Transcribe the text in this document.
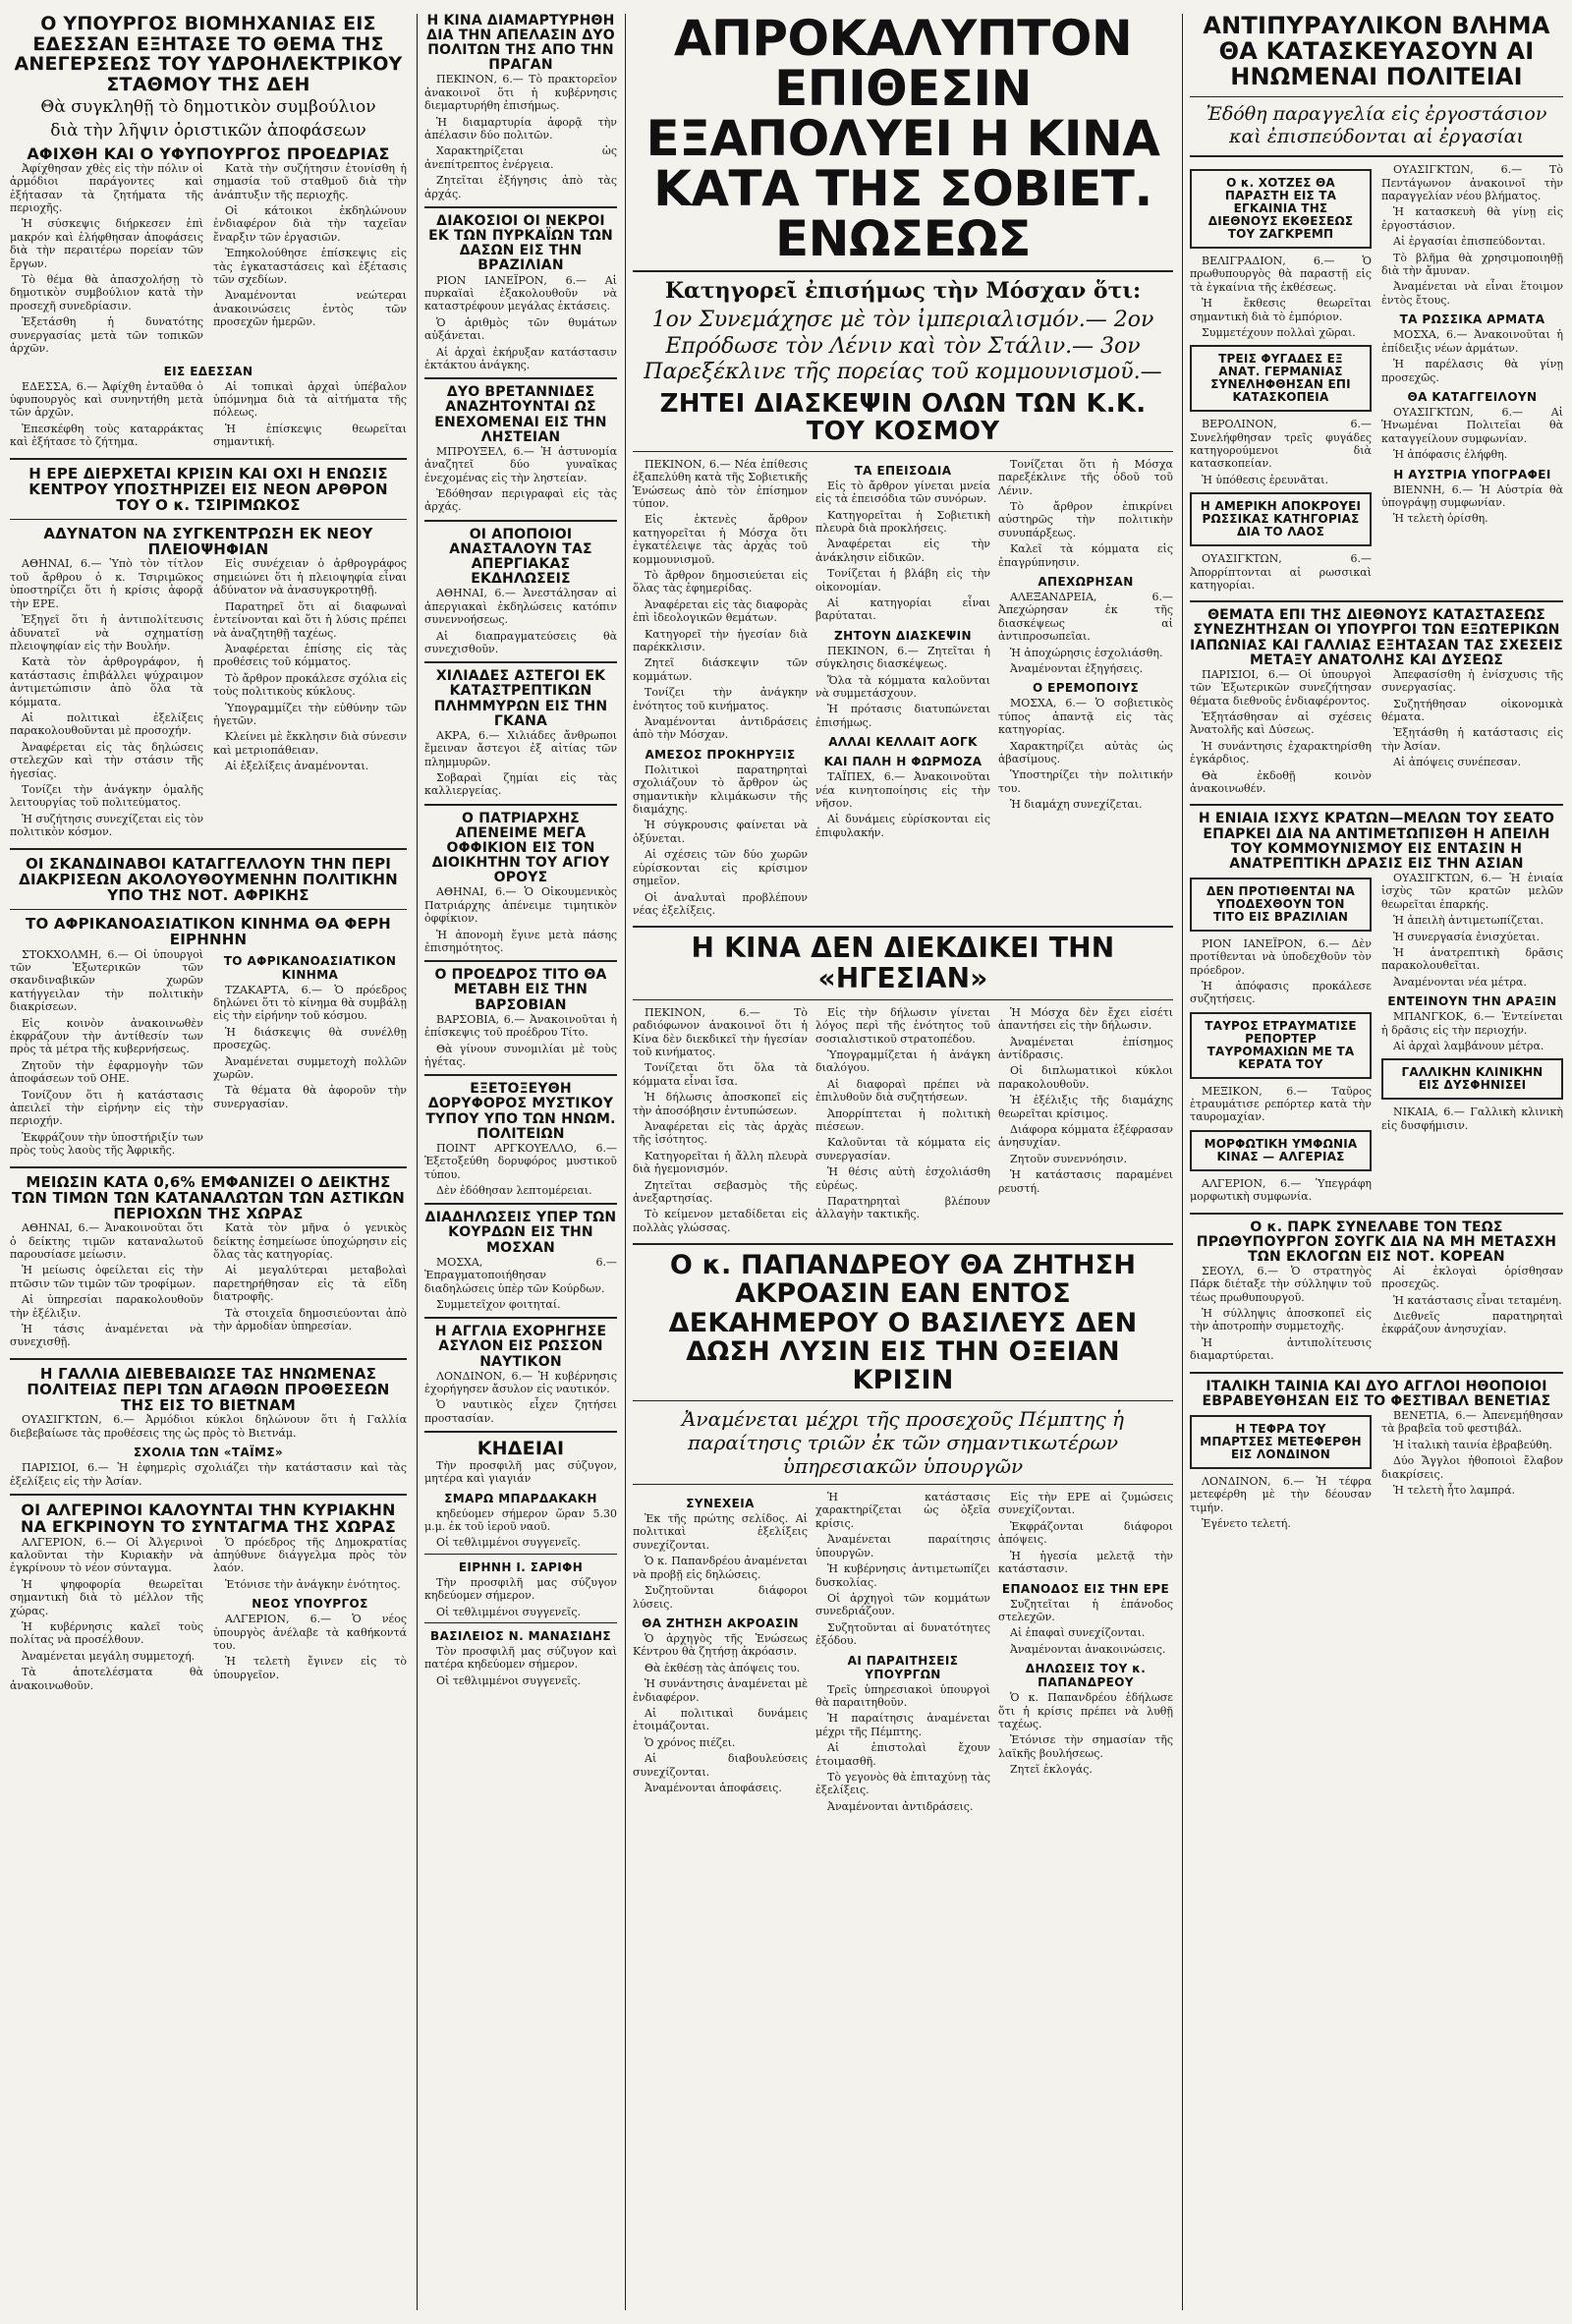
Ο ΥΠΟΥΡΓΟΣ ΒΙΟΜΗΧΑΝΙΑΣ ΕΙΣ ΕΔΕΣΣΑΝ ΕΞΗΤΑΣΕ ΤΟ ΘΕΜΑ ΤΗΣ ΑΝΕΓΕΡΣΕΩΣ ΤΟΥ ΥΔΡΟΗΛΕΚΤΡΙΚΟΥ ΣΤΑΘΜΟΥ ΤΗΣ ΔΕΗ
Θὰ συγκληθῇ τὸ δημοτικὸν συμβούλιον
διὰ τὴν λῆψιν ὁριστικῶν ἀποφάσεων
ΑΦΙΧΘΗ ΚΑΙ Ο ΥΦΥΠΟΥΡΓΟΣ ΠΡΟΕΔΡΙΑΣ

Ἀφίχθησαν χθὲς εἰς τὴν πόλιν οἱ ἁρμόδιοι παράγοντες καὶ ἐξήτασαν τὰ ζητήματα τῆς περιοχῆς.

Ἡ σύσκεψις διήρκεσεν ἐπὶ μακρόν καὶ ἐλήφθησαν ἀποφάσεις διὰ τὴν περαιτέρω πορείαν τῶν ἔργων.

Τὸ θέμα θὰ ἀπασχολήσῃ τὸ δημοτικὸν συμβούλιον κατὰ τὴν προσεχῆ συνεδρίασιν.

Ἐξετάσθη ἡ δυνατότης συνεργασίας μετὰ τῶν τοπικῶν ἀρχῶν.

Κατὰ τὴν συζήτησιν ἐτονίσθη ἡ σημασία τοῦ σταθμοῦ διὰ τὴν ἀνάπτυξιν τῆς περιοχῆς.

Οἱ κάτοικοι ἐκδηλώνουν ἐνδιαφέρον διὰ τὴν ταχεῖαν ἔναρξιν τῶν ἐργασιῶν.

Ἐπηκολούθησε ἐπίσκεψις εἰς τὰς ἐγκαταστάσεις καὶ ἐξέτασις τῶν σχεδίων.

Ἀναμένονται νεώτεραι ἀνακοινώσεις ἐντὸς τῶν προσεχῶν ἡμερῶν.

ΕΙΣ ΕΔΕΣΣΑΝ

ΕΔΕΣΣΑ, 6.— Ἀφίχθη ἐνταῦθα ὁ ὑφυπουργὸς καὶ συνηντήθη μετὰ τῶν ἀρχῶν.

Ἐπεσκέφθη τοὺς καταρράκτας καὶ ἐξήτασε τὸ ζήτημα.

Αἱ τοπικαὶ ἀρχαὶ ὑπέβαλον ὑπόμνημα διὰ τὰ αἰτήματα τῆς πόλεως.

Ἡ ἐπίσκεψις θεωρεῖται σημαντική.

Η ΕΡΕ ΔΙΕΡΧΕΤΑΙ ΚΡΙΣΙΝ ΚΑΙ ΟΧΙ Η ΕΝΩΣΙΣ ΚΕΝΤΡΟΥ ΥΠΟΣΤΗΡΙΖΕΙ ΕΙΣ ΝΕΟΝ ΑΡΘΡΟΝ ΤΟΥ Ο κ. ΤΣΙΡΙΜΩΚΟΣ
ΑΔΥΝΑΤΟΝ ΝΑ ΣΥΓΚΕΝΤΡΩΣΗ ΕΚ ΝΕΟΥ ΠΛΕΙΟΨΗΦΙΑΝ

ΑΘΗΝΑΙ, 6.— Ὑπὸ τὸν τίτλον τοῦ ἄρθρου ὁ κ. Τσιριμῶκος ὑποστηρίζει ὅτι ἡ κρίσις ἀφορᾷ τὴν ΕΡΕ.

Ἐξηγεῖ ὅτι ἡ ἀντιπολίτευσις ἀδυνατεῖ νὰ σχηματίσῃ πλειοψηφίαν εἰς τὴν Βουλήν.

Κατὰ τὸν ἀρθρογράφον, ἡ κατάστασις ἐπιβάλλει ψύχραιμον ἀντιμετώπισιν ἀπὸ ὅλα τὰ κόμματα.

Αἱ πολιτικαὶ ἐξελίξεις παρακολουθοῦνται μὲ προσοχήν.

Ἀναφέρεται εἰς τὰς δηλώσεις στελεχῶν καὶ τὴν στάσιν τῆς ἡγεσίας.

Τονίζει τὴν ἀνάγκην ὁμαλῆς λειτουργίας τοῦ πολιτεύματος.

Ἡ συζήτησις συνεχίζεται εἰς τὸν πολιτικὸν κόσμον.

Εἰς συνέχειαν ὁ ἀρθρογράφος σημειώνει ὅτι ἡ πλειοψηφία εἶναι ἀδύνατον νὰ ἀνασυγκροτηθῇ.

Παρατηρεῖ ὅτι αἱ διαφωναὶ ἐντείνονται καὶ ὅτι ἡ λύσις πρέπει νὰ ἀναζητηθῇ ταχέως.

Ἀναφέρεται ἐπίσης εἰς τὰς προθέσεις τοῦ κόμματος.

Τὸ ἄρθρον προκάλεσε σχόλια εἰς τοὺς πολιτικοὺς κύκλους.

Ὑπογραμμίζει τὴν εὐθύνην τῶν ἡγετῶν.

Κλείνει μὲ ἔκκλησιν διὰ σύνεσιν καὶ μετριοπάθειαν.

Αἱ ἐξελίξεις ἀναμένονται.

ΟΙ ΣΚΑΝΔΙΝΑΒΟΙ ΚΑΤΑΓΓΕΛΛΟΥΝ ΤΗΝ ΠΕΡΙ ΔΙΑΚΡΙΣΕΩΝ ΑΚΟΛΟΥΘΟΥΜΕΝΗΝ ΠΟΛΙΤΙΚΗΝ ΥΠΟ ΤΗΣ ΝΟΤ. ΑΦΡΙΚΗΣ
ΤΟ ΑΦΡΙΚΑΝΟΑΣΙΑΤΙΚΟΝ ΚΙΝΗΜΑ ΘΑ ΦΕΡΗ ΕΙΡΗΝΗΝ

ΣΤΟΚΧΟΛΜΗ, 6.— Οἱ ὑπουργοὶ τῶν Ἐξωτερικῶν τῶν σκανδιναβικῶν χωρῶν κατήγγειλαν τὴν πολιτικὴν διακρίσεων.

Εἰς κοινὸν ἀνακοινωθὲν ἐκφράζουν τὴν ἀντίθεσίν των πρὸς τὰ μέτρα τῆς κυβερνήσεως.

Ζητοῦν τὴν ἐφαρμογὴν τῶν ἀποφάσεων τοῦ ΟΗΕ.

Τονίζουν ὅτι ἡ κατάστασις ἀπειλεῖ τὴν εἰρήνην εἰς τὴν περιοχήν.

Ἐκφράζουν τὴν ὑποστήριξίν των πρὸς τοὺς λαοὺς τῆς Ἀφρικῆς.

ΤΟ ΑΦΡΙΚΑΝΟΑΣΙΑΤΙΚΟΝ ΚΙΝΗΜΑ

ΤΖΑΚΑΡΤΑ, 6.— Ὁ πρόεδρος δηλώνει ὅτι τὸ κίνημα θὰ συμβάλῃ εἰς τὴν εἰρήνην τοῦ κόσμου.

Ἡ διάσκεψις θὰ συνέλθῃ προσεχῶς.

Ἀναμένεται συμμετοχὴ πολλῶν χωρῶν.

Τὰ θέματα θὰ ἀφοροῦν τὴν συνεργασίαν.

ΜΕΙΩΣΙΝ ΚΑΤΑ 0,6% ΕΜΦΑΝΙΖΕΙ Ο ΔΕΙΚΤΗΣ ΤΩΝ ΤΙΜΩΝ ΤΩΝ ΚΑΤΑΝΑΛΩΤΩΝ ΤΩΝ ΑΣΤΙΚΩΝ ΠΕΡΙΟΧΩΝ ΤΗΣ ΧΩΡΑΣ

ΑΘΗΝΑΙ, 6.— Ἀνακοινοῦται ὅτι ὁ δείκτης τιμῶν καταναλωτοῦ παρουσίασε μείωσιν.

Ἡ μείωσις ὀφείλεται εἰς τὴν πτῶσιν τῶν τιμῶν τῶν τροφίμων.

Αἱ ὑπηρεσίαι παρακολουθοῦν τὴν ἐξέλιξιν.

Ἡ τάσις ἀναμένεται νὰ συνεχισθῇ.

Κατὰ τὸν μῆνα ὁ γενικὸς δείκτης ἐσημείωσε ὑποχώρησιν εἰς ὅλας τὰς κατηγορίας.

Αἱ μεγαλύτεραι μεταβολαὶ παρετηρήθησαν εἰς τὰ εἴδη διατροφῆς.

Τὰ στοιχεῖα δημοσιεύονται ἀπὸ τὴν ἁρμοδίαν ὑπηρεσίαν.

Η ΓΑΛΛΙΑ ΔΙΕΒΕΒΑΙΩΣΕ ΤΑΣ ΗΝΩΜΕΝΑΣ ΠΟΛΙΤΕΙΑΣ ΠΕΡΙ ΤΩΝ ΑΓΑΘΩΝ ΠΡΟΘΕΣΕΩΝ ΤΗΣ ΕΙΣ ΤΟ ΒΙΕΤΝΑΜ

ΟΥΑΣΙΓΚΤΩΝ, 6.— Ἀρμόδιοι κύκλοι δηλώνουν ὅτι ἡ Γαλλία διεβεβαίωσε τὰς προθέσεις της ὡς πρὸς τὸ Βιετνάμ.

ΣΧΟΛΙΑ ΤΩΝ «ΤΑΪΜΣ»

ΠΑΡΙΣΙΟΙ, 6.— Ἡ ἐφημερὶς σχολιάζει τὴν κατάστασιν καὶ τὰς ἐξελίξεις εἰς τὴν Ἀσίαν.

ΟΙ ΑΛΓΕΡΙΝΟΙ ΚΑΛΟΥΝΤΑΙ ΤΗΝ ΚΥΡΙΑΚΗΝ ΝΑ ΕΓΚΡΙΝΟΥΝ ΤΟ ΣΥΝΤΑΓΜΑ ΤΗΣ ΧΩΡΑΣ

ΑΛΓΕΡΙΟΝ, 6.— Οἱ Ἀλγερινοὶ καλοῦνται τὴν Κυριακὴν νὰ ἐγκρίνουν τὸ νέον σύνταγμα.

Ἡ ψηφοφορία θεωρεῖται σημαντικὴ διὰ τὸ μέλλον τῆς χώρας.

Ἡ κυβέρνησις καλεῖ τοὺς πολίτας νὰ προσέλθουν.

Ἀναμένεται μεγάλη συμμετοχή.

Τὰ ἀποτελέσματα θὰ ἀνακοινωθοῦν.

Ὁ πρόεδρος τῆς Δημοκρατίας ἀπηύθυνε διάγγελμα πρὸς τὸν λαόν.

Ἐτόνισε τὴν ἀνάγκην ἑνότητος.

ΝΕΟΣ ΥΠΟΥΡΓΟΣ

ΑΛΓΕΡΙΟΝ, 6.— Ὁ νέος ὑπουργὸς ἀνέλαβε τὰ καθήκοντά του.

Ἡ τελετὴ ἔγινεν εἰς τὸ ὑπουργεῖον.

Η ΚΙΝΑ ΔΙΑΜΑΡΤΥΡΗΘΗ ΔΙΑ ΤΗΝ ΑΠΕΛΑΣΙΝ ΔΥΟ ΠΟΛΙΤΩΝ ΤΗΣ ΑΠΟ ΤΗΝ ΠΡΑΓΑΝ

ΠΕΚΙΝΟΝ, 6.— Τὸ πρακτορεῖον ἀνακοινοῖ ὅτι ἡ κυβέρνησις διεμαρτυρήθη ἐπισήμως.

Ἡ διαμαρτυρία ἀφορᾷ τὴν ἀπέλασιν δύο πολιτῶν.

Χαρακτηρίζεται ὡς ἀνεπίτρεπτος ἐνέργεια.

Ζητεῖται ἐξήγησις ἀπὸ τὰς ἀρχάς.

ΔΙΑΚΟΣΙΟΙ ΟΙ ΝΕΚΡΟΙ ΕΚ ΤΩΝ ΠΥΡΚΑΪΩΝ ΤΩΝ ΔΑΣΩΝ ΕΙΣ ΤΗΝ ΒΡΑΖΙΛΙΑΝ

ΡΙΟΝ ΙΑΝΕΪΡΟΝ, 6.— Αἱ πυρκαϊαὶ ἐξακολουθοῦν νὰ καταστρέφουν μεγάλας ἐκτάσεις.

Ὁ ἀριθμὸς τῶν θυμάτων αὐξάνεται.

Αἱ ἀρχαὶ ἐκήρυξαν κατάστασιν ἐκτάκτου ἀνάγκης.

ΔΥΟ ΒΡΕΤΑΝΝΙΔΕΣ ΑΝΑΖΗΤΟΥΝΤΑΙ ΩΣ ΕΝΕΧΟΜΕΝΑΙ ΕΙΣ ΤΗΝ ΛΗΣΤΕΙΑΝ

ΜΠΡΟΥΞΕΛ, 6.— Ἡ ἀστυνομία ἀναζητεῖ δύο γυναῖκας ἐνεχομένας εἰς τὴν ληστείαν.

Ἐδόθησαν περιγραφαὶ εἰς τὰς ἀρχάς.

ΟΙ ΑΠΟΠΟΙΟΙ ΑΝΑΣΤΑΛΟΥΝ ΤΑΣ ΑΠΕΡΓΙΑΚΑΣ ΕΚΔΗΛΩΣΕΙΣ

ΑΘΗΝΑΙ, 6.— Ἀνεστάλησαν αἱ ἀπεργιακαὶ ἐκδηλώσεις κατόπιν συνεννοήσεως.

Αἱ διαπραγματεύσεις θὰ συνεχισθοῦν.

ΧΙΛΙΑΔΕΣ ΑΣΤΕΓΟΙ ΕΚ ΚΑΤΑΣΤΡΕΠΤΙΚΩΝ ΠΛΗΜΜΥΡΩΝ ΕΙΣ ΤΗΝ ΓΚΑΝΑ

ΑΚΡΑ, 6.— Χιλιάδες ἄνθρωποι ἔμειναν ἄστεγοι ἐξ αἰτίας τῶν πλημμυρῶν.

Σοβαραὶ ζημίαι εἰς τὰς καλλιεργείας.

Ο ΠΑΤΡΙΑΡΧΗΣ ΑΠΕΝΕΙΜΕ ΜΕΓΑ ΟΦΦΙΚΙΟΝ ΕΙΣ ΤΟΝ ΔΙΟΙΚΗΤΗΝ ΤΟΥ ΑΓΙΟΥ ΟΡΟΥΣ

ΑΘΗΝΑΙ, 6.— Ὁ Οἰκουμενικὸς Πατριάρχης ἀπένειμε τιμητικὸν ὀφφίκιον.

Ἡ ἀπονομὴ ἔγινε μετὰ πάσης ἐπισημότητος.

Ο ΠΡΟΕΔΡΟΣ ΤΙΤΟ ΘΑ ΜΕΤΑΒΗ ΕΙΣ ΤΗΝ ΒΑΡΣΟΒΙΑΝ

ΒΑΡΣΟΒΙΑ, 6.— Ἀνακοινοῦται ἡ ἐπίσκεψις τοῦ προέδρου Τίτο.

Θὰ γίνουν συνομιλίαι μὲ τοὺς ἡγέτας.

ΕΞΕΤΟΞΕΥΘΗ ΔΟΡΥΦΟΡΟΣ ΜΥΣΤΙΚΟΥ ΤΥΠΟΥ ΥΠΟ ΤΩΝ ΗΝΩΜ. ΠΟΛΙΤΕΙΩΝ

ΠΟΙΝΤ ΑΡΓΚΟΥΕΛΛΟ, 6.— Ἐξετοξεύθη δορυφόρος μυστικοῦ τύπου.

Δὲν ἐδόθησαν λεπτομέρειαι.

ΔΙΑΔΗΛΩΣΕΙΣ ΥΠΕΡ ΤΩΝ ΚΟΥΡΔΩΝ ΕΙΣ ΤΗΝ ΜΟΣΧΑΝ

ΜΟΣΧΑ, 6.— Ἐπραγματοποιήθησαν διαδηλώσεις ὑπὲρ τῶν Κούρδων.

Συμμετεῖχον φοιτηταί.

Η ΑΓΓΛΙΑ ΕΧΟΡΗΓΗΣΕ ΑΣΥΛΟΝ ΕΙΣ ΡΩΣΣΟΝ ΝΑΥΤΙΚΟΝ

ΛΟΝΔΙΝΟΝ, 6.— Ἡ κυβέρνησις ἐχορήγησεν ἄσυλον εἰς ναυτικόν.

Ὁ ναυτικὸς εἶχεν ζητήσει προστασίαν.

ΚΗΔΕΙΑΙ

Τὴν προσφιλῆ μας σύζυγον, μητέρα καὶ γιαγιάν

ΣΜΑΡΩ ΜΠΑΡΔΑΚΑΚΗ

κηδεύομεν σήμερον ὥραν 5.30 μ.μ. ἐκ τοῦ ἱεροῦ ναοῦ.

Οἱ τεθλιμμένοι συγγενεῖς.

ΕΙΡΗΝΗ Ι. ΣΑΡΙΦΗ

Τὴν προσφιλῆ μας σύζυγον κηδεύομεν σήμερον.

Οἱ τεθλιμμένοι συγγενεῖς.

ΒΑΣΙΛΕΙΟΣ Ν. ΜΑΝΑΣΙΔΗΣ

Τὸν προσφιλῆ μας σύζυγον καὶ πατέρα κηδεύομεν σήμερον.

Οἱ τεθλιμμένοι συγγενεῖς.

ΑΠΡΟΚΑΛΥΠΤΟΝ ΕΠΙΘΕΣΙΝ ΕΞΑΠΟΛΥΕΙ Η ΚΙΝΑ ΚΑΤΑ ΤΗΣ ΣΟΒΙΕΤ. ΕΝΩΣΕΩΣ
Κατηγορεῖ ἐπισήμως τὴν Μόσχαν ὅτι:
1ον Συνεμάχησε μὲ τὸν ἰμπεριαλισμόν.— 2ον Επρόδωσε τὸν Λένιν καὶ τὸν Στάλιν.— 3ον Παρεξέκλινε τῆς πορείας τοῦ κομμουνισμοῦ.—
ΖΗΤΕΙ ΔΙΑΣΚΕΨΙΝ ΟΛΩΝ ΤΩΝ Κ.Κ. ΤΟΥ ΚΟΣΜΟΥ

ΠΕΚΙΝΟΝ, 6.— Νέα ἐπίθεσις ἐξαπελύθη κατὰ τῆς Σοβιετικῆς Ἑνώσεως ἀπὸ τὸν ἐπίσημον τύπον.

Εἰς ἐκτενὲς ἄρθρον κατηγορεῖται ἡ Μόσχα ὅτι ἐγκατέλειψε τὰς ἀρχὰς τοῦ κομμουνισμοῦ.

Τὸ ἄρθρον δημοσιεύεται εἰς ὅλας τὰς ἐφημερίδας.

Ἀναφέρεται εἰς τὰς διαφορὰς ἐπὶ ἰδεολογικῶν θεμάτων.

Κατηγορεῖ τὴν ἡγεσίαν διὰ παρέκκλισιν.

Ζητεῖ διάσκεψιν τῶν κομμάτων.

Τονίζει τὴν ἀνάγκην ἑνότητος τοῦ κινήματος.

Ἀναμένονται ἀντιδράσεις ἀπὸ τὴν Μόσχαν.

ΑΜΕΣΟΣ ΠΡΟΚΗΡΥΞΙΣ

Πολιτικοὶ παρατηρηταὶ σχολιάζουν τὸ ἄρθρον ὡς σημαντικὴν κλιμάκωσιν τῆς διαμάχης.

Ἡ σύγκρουσις φαίνεται νὰ ὀξύνεται.

Αἱ σχέσεις τῶν δύο χωρῶν εὑρίσκονται εἰς κρίσιμον σημεῖον.

Οἱ ἀναλυταὶ προβλέπουν νέας ἐξελίξεις.

ΤΑ ΕΠΕΙΣΟΔΙΑ

Εἰς τὸ ἄρθρον γίνεται μνεία εἰς τὰ ἐπεισόδια τῶν συνόρων.

Κατηγορεῖται ἡ Σοβιετικὴ πλευρὰ διὰ προκλήσεις.

Ἀναφέρεται εἰς τὴν ἀνάκλησιν εἰδικῶν.

Τονίζεται ἡ βλάβη εἰς τὴν οἰκονομίαν.

Αἱ κατηγορίαι εἶναι βαρύταται.

ΖΗΤΟΥΝ ΔΙΑΣΚΕΨΙΝ

ΠΕΚΙΝΟΝ, 6.— Ζητεῖται ἡ σύγκλησις διασκέψεως.

Ὅλα τὰ κόμματα καλοῦνται νὰ συμμετάσχουν.

Ἡ πρότασις διατυπώνεται ἐπισήμως.

ΑΛΛΑΙ ΚΕΛΛΑΙΤ ΑΟΓΚ
ΚΑΙ ΠΑΛΗ Η ΦΩΡΜΟΖΑ

ΤΑΪΠΕΧ, 6.— Ἀνακοινοῦται νέα κινητοποίησις εἰς τὴν νῆσον.

Αἱ δυνάμεις εὑρίσκονται εἰς ἐπιφυλακήν.

Τονίζεται ὅτι ἡ Μόσχα παρεξέκλινε τῆς ὁδοῦ τοῦ Λένιν.

Τὸ ἄρθρον ἐπικρίνει αὐστηρῶς τὴν πολιτικὴν συνυπάρξεως.

Καλεῖ τὰ κόμματα εἰς ἐπαγρύπνησιν.

ΑΠΕΧΩΡΗΣΑΝ

ΑΛΕΞΑΝΔΡΕΙΑ, 6.— Ἀπεχώρησαν ἐκ τῆς διασκέψεως αἱ ἀντιπροσωπεῖαι.

Ἡ ἀποχώρησις ἐσχολιάσθη.

Ἀναμένονται ἐξηγήσεις.

Ο ΕΡΕΜΟΠΟΙΥΣ

ΜΟΣΧΑ, 6.— Ὁ σοβιετικὸς τύπος ἀπαντᾷ εἰς τὰς κατηγορίας.

Χαρακτηρίζει αὐτὰς ὡς ἀβασίμους.

Ὑποστηρίζει τὴν πολιτικήν του.

Ἡ διαμάχη συνεχίζεται.

Η ΚΙΝΑ ΔΕΝ ΔΙΕΚΔΙΚΕΙ ΤΗΝ «ΗΓΕΣΙΑΝ»

ΠΕΚΙΝΟΝ, 6.— Τὸ ραδιόφωνον ἀνακοινοῖ ὅτι ἡ Κίνα δὲν διεκδικεῖ τὴν ἡγεσίαν τοῦ κινήματος.

Τονίζεται ὅτι ὅλα τὰ κόμματα εἶναι ἴσα.

Ἡ δήλωσις ἀποσκοπεῖ εἰς τὴν ἀποσόβησιν ἐντυπώσεων.

Ἀναφέρεται εἰς τὰς ἀρχὰς τῆς ἰσότητος.

Κατηγορεῖται ἡ ἄλλη πλευρὰ διὰ ἡγεμονισμόν.

Ζητεῖται σεβασμὸς τῆς ἀνεξαρτησίας.

Τὸ κείμενον μεταδίδεται εἰς πολλὰς γλώσσας.

Εἰς τὴν δήλωσιν γίνεται λόγος περὶ τῆς ἑνότητος τοῦ σοσιαλιστικοῦ στρατοπέδου.

Ὑπογραμμίζεται ἡ ἀνάγκη διαλόγου.

Αἱ διαφοραὶ πρέπει νὰ ἐπιλυθοῦν διὰ συζητήσεων.

Ἀπορρίπτεται ἡ πολιτικὴ πιέσεων.

Καλοῦνται τὰ κόμματα εἰς συνεργασίαν.

Ἡ θέσις αὐτὴ ἐσχολιάσθη εὐρέως.

Παρατηρηταὶ βλέπουν ἀλλαγὴν τακτικῆς.

Ἡ Μόσχα δὲν ἔχει εἰσέτι ἀπαντήσει εἰς τὴν δήλωσιν.

Ἀναμένεται ἐπίσημος ἀντίδρασις.

Οἱ διπλωματικοὶ κύκλοι παρακολουθοῦν.

Ἡ ἐξέλιξις τῆς διαμάχης θεωρεῖται κρίσιμος.

Διάφορα κόμματα ἐξέφρασαν ἀνησυχίαν.

Ζητοῦν συνεννόησιν.

Ἡ κατάστασις παραμένει ρευστή.

Ο κ. ΠΑΠΑΝΔΡΕΟΥ ΘΑ ΖΗΤΗΣΗ ΑΚΡΟΑΣΙΝ ΕΑΝ ΕΝΤΟΣ ΔΕΚΑΗΜΕΡΟΥ Ο ΒΑΣΙΛΕΥΣ ΔΕΝ ΔΩΣΗ ΛΥΣΙΝ ΕΙΣ ΤΗΝ ΟΞΕΙΑΝ ΚΡΙΣΙΝ
Ἀναμένεται μέχρι τῆς προσεχοῦς Πέμπτης ἡ παραίτησις τριῶν ἐκ τῶν σημαντικωτέρων ὑπηρεσιακῶν ὑπουργῶν
ΣΥΝΕΧΕΙΑ

Ἐκ τῆς πρώτης σελίδος. Αἱ πολιτικαὶ ἐξελίξεις συνεχίζονται.

Ὁ κ. Παπανδρέου ἀναμένεται νὰ προβῇ εἰς δηλώσεις.

Συζητοῦνται διάφοροι λύσεις.

ΘΑ ΖΗΤΗΣΗ ΑΚΡΟΑΣΙΝ

Ὁ ἀρχηγὸς τῆς Ἑνώσεως Κέντρου θὰ ζητήσῃ ἀκρόασιν.

Θὰ ἐκθέσῃ τὰς ἀπόψεις του.

Ἡ συνάντησις ἀναμένεται μὲ ἐνδιαφέρον.

Αἱ πολιτικαὶ δυνάμεις ἑτοιμάζονται.

Ὁ χρόνος πιέζει.

Αἱ διαβουλεύσεις συνεχίζονται.

Ἀναμένονται ἀποφάσεις.

Ἡ κατάστασις χαρακτηρίζεται ὡς ὀξεῖα κρίσις.

Ἀναμένεται παραίτησις ὑπουργῶν.

Ἡ κυβέρνησις ἀντιμετωπίζει δυσκολίας.

Οἱ ἀρχηγοὶ τῶν κομμάτων συνεδριάζουν.

Συζητοῦνται αἱ δυνατότητες ἐξόδου.

ΑΙ ΠΑΡΑΙΤΗΣΕΙΣ ΥΠΟΥΡΓΩΝ

Τρεῖς ὑπηρεσιακοὶ ὑπουργοὶ θὰ παραιτηθοῦν.

Ἡ παραίτησις ἀναμένεται μέχρι τῆς Πέμπτης.

Αἱ ἐπιστολαὶ ἔχουν ἑτοιμασθῆ.

Τὸ γεγονὸς θὰ ἐπιταχύνῃ τὰς ἐξελίξεις.

Ἀναμένονται ἀντιδράσεις.

Εἰς τὴν ΕΡΕ αἱ ζυμώσεις συνεχίζονται.

Ἐκφράζονται διάφοροι ἀπόψεις.

Ἡ ἡγεσία μελετᾷ τὴν κατάστασιν.

ΕΠΑΝΟΔΟΣ ΕΙΣ ΤΗΝ ΕΡΕ

Συζητεῖται ἡ ἐπάνοδος στελεχῶν.

Αἱ ἐπαφαὶ συνεχίζονται.

Ἀναμένονται ἀνακοινώσεις.

ΔΗΛΩΣΕΙΣ ΤΟΥ κ. ΠΑΠΑΝΔΡΕΟΥ

Ὁ κ. Παπανδρέου ἐδήλωσε ὅτι ἡ κρίσις πρέπει νὰ λυθῇ ταχέως.

Ἐτόνισε τὴν σημασίαν τῆς λαϊκῆς βουλήσεως.

Ζητεῖ ἐκλογάς.

ΑΝΤΙΠΥΡΑΥΛΙΚΟΝ ΒΛΗΜΑ ΘΑ ΚΑΤΑΣΚΕΥΑΣΟΥΝ ΑΙ ΗΝΩΜΕΝΑΙ ΠΟΛΙΤΕΙΑΙ
Ἐδόθη παραγγελία εἰς ἐργοστάσιον καὶ ἐπισπεύδονται αἱ ἐργασίαι
Ο κ. ΧΟΤΖΕΣ ΘΑ ΠΑΡΑΣΤΗ ΕΙΣ ΤΑ ΕΓΚΑΙΝΙΑ ΤΗΣ ΔΙΕΘΝΟΥΣ ΕΚΘΕΣΕΩΣ ΤΟΥ ΖΑΓΚΡΕΜΠ

ΒΕΛΙΓΡΑΔΙΟΝ, 6.— Ὁ πρωθυπουργὸς θὰ παραστῇ εἰς τὰ ἐγκαίνια τῆς ἐκθέσεως.

Ἡ ἔκθεσις θεωρεῖται σημαντικὴ διὰ τὸ ἐμπόριον.

Συμμετέχουν πολλαὶ χῶραι.

ΤΡΕΙΣ ΦΥΓΑΔΕΣ ΕΞ ΑΝΑΤ. ΓΕΡΜΑΝΙΑΣ ΣΥΝΕΛΗΦΘΗΣΑΝ ΕΠΙ ΚΑΤΑΣΚΟΠΕΙΑ

ΒΕΡΟΛΙΝΟΝ, 6.— Συνελήφθησαν τρεῖς φυγάδες κατηγορούμενοι διὰ κατασκοπείαν.

Ἡ ὑπόθεσις ἐρευνᾶται.

Η ΑΜΕΡΙΚΗ ΑΠΟΚΡΟΥΕΙ ΡΩΣΣΙΚΑΣ ΚΑΤΗΓΟΡΙΑΣ ΔΙΑ ΤΟ ΛΑΟΣ

ΟΥΑΣΙΓΚΤΩΝ, 6.— Ἀπορρίπτονται αἱ ρωσσικαὶ κατηγορίαι.

ΟΥΑΣΙΓΚΤΩΝ, 6.— Τὸ Πεντάγωνον ἀνακοινοῖ τὴν παραγγελίαν νέου βλήματος.

Ἡ κατασκευὴ θὰ γίνῃ εἰς ἐργοστάσιον.

Αἱ ἐργασίαι ἐπισπεύδονται.

Τὸ βλῆμα θὰ χρησιμοποιηθῇ διὰ τὴν ἄμυναν.

Ἀναμένεται νὰ εἶναι ἕτοιμον ἐντὸς ἔτους.

ΤΑ ΡΩΣΣΙΚΑ ΑΡΜΑΤΑ

ΜΟΣΧΑ, 6.— Ἀνακοινοῦται ἡ ἐπίδειξις νέων ἁρμάτων.

Ἡ παρέλασις θὰ γίνῃ προσεχῶς.

ΘΑ ΚΑΤΑΓΓΕΙΛΟΥΝ

ΟΥΑΣΙΓΚΤΩΝ, 6.— Αἱ Ἡνωμέναι Πολιτεῖαι θὰ καταγγείλουν συμφωνίαν.

Ἡ ἀπόφασις ἐλήφθη.

Η ΑΥΣΤΡΙΑ ΥΠΟΓΡΑΦΕΙ

ΒΙΕΝΝΗ, 6.— Ἡ Αὐστρία θὰ ὑπογράψῃ συμφωνίαν.

Ἡ τελετὴ ὁρίσθη.

ΘΕΜΑΤΑ ΕΠΙ ΤΗΣ ΔΙΕΘΝΟΥΣ ΚΑΤΑΣΤΑΣΕΩΣ ΣΥΝΕΖΗΤΗΣΑΝ ΟΙ ΥΠΟΥΡΓΟΙ ΤΩΝ ΕΞΩΤΕΡΙΚΩΝ ΙΑΠΩΝΙΑΣ ΚΑΙ ΓΑΛΛΙΑΣ ΕΞΗΤΑΣΑΝ ΤΑΣ ΣΧΕΣΕΙΣ ΜΕΤΑΞΥ ΑΝΑΤΟΛΗΣ ΚΑΙ ΔΥΣΕΩΣ

ΠΑΡΙΣΙΟΙ, 6.— Οἱ ὑπουργοὶ τῶν Ἐξωτερικῶν συνεζήτησαν θέματα διεθνοῦς ἐνδιαφέροντος.

Ἐξητάσθησαν αἱ σχέσεις Ἀνατολῆς καὶ Δύσεως.

Ἡ συνάντησις ἐχαρακτηρίσθη ἐγκάρδιος.

Θὰ ἐκδοθῇ κοινὸν ἀνακοινωθέν.

Ἀπεφασίσθη ἡ ἐνίσχυσις τῆς συνεργασίας.

Συζητήθησαν οἰκονομικὰ θέματα.

Ἐξητάσθη ἡ κατάστασις εἰς τὴν Ἀσίαν.

Αἱ ἀπόψεις συνέπεσαν.

Η ΕΝΙΑΙΑ ΙΣΧΥΣ ΚΡΑΤΩΝ—ΜΕΛΩΝ ΤΟΥ ΣΕΑΤΟ ΕΠΑΡΚΕΙ ΔΙΑ ΝΑ ΑΝΤΙΜΕΤΩΠΙΣΘΗ Η ΑΠΕΙΛΗ ΤΟΥ ΚΟΜΜΟΥΝΙΣΜΟΥ ΕΙΣ ΕΝΤΑΣΙΝ Η ΑΝΑΤΡΕΠΤΙΚΗ ΔΡΑΣΙΣ ΕΙΣ ΤΗΝ ΑΣΙΑΝ
ΔΕΝ ΠΡΟΤΙΘΕΝΤΑΙ ΝΑ ΥΠΟΔΕΧΘΟΥΝ ΤΟΝ ΤΙΤΟ ΕΙΣ ΒΡΑΖΙΛΙΑΝ

ΡΙΟΝ ΙΑΝΕΪΡΟΝ, 6.— Δὲν προτίθενται νὰ ὑποδεχθοῦν τὸν πρόεδρον.

Ἡ ἀπόφασις προκάλεσε συζητήσεις.

ΤΑΥΡΟΣ ΕΤΡΑΥΜΑΤΙΣΕ ΡΕΠΟΡΤΕΡ ΤΑΥΡΟΜΑΧΙΩΝ ΜΕ ΤΑ ΚΕΡΑΤΑ ΤΟΥ

ΜΕΞΙΚΟΝ, 6.— Ταῦρος ἐτραυμάτισε ρεπόρτερ κατὰ τὴν ταυρομαχίαν.

ΜΟΡΦΩΤΙΚΗ ΥΜΦΩΝΙΑ ΚΙΝΑΣ — ΑΛΓΕΡΙΑΣ

ΑΛΓΕΡΙΟΝ, 6.— Ὑπεγράφη μορφωτικὴ συμφωνία.

ΟΥΑΣΙΓΚΤΩΝ, 6.— Ἡ ἑνιαία ἰσχὺς τῶν κρατῶν μελῶν θεωρεῖται ἐπαρκής.

Ἡ ἀπειλὴ ἀντιμετωπίζεται.

Ἡ συνεργασία ἐνισχύεται.

Ἡ ἀνατρεπτικὴ δρᾶσις παρακολουθεῖται.

Ἀναμένονται νέα μέτρα.

ΕΝΤΕΙΝΟΥΝ ΤΗΝ ΑΡΑΞΙΝ

ΜΠΑΝΓΚΟΚ, 6.— Ἐντείνεται ἡ δρᾶσις εἰς τὴν περιοχήν.

Αἱ ἀρχαὶ λαμβάνουν μέτρα.

ΓΑΛΛΙΚΗΝ ΚΛΙΝΙΚΗΝ ΕΙΣ ΔΥΣΦΗΝΙΣΕΙ

ΝΙΚΑΙΑ, 6.— Γαλλικὴ κλινικὴ εἰς δυσφήμισιν.

Ο κ. ΠΑΡΚ ΣΥΝΕΛΑΒΕ ΤΟΝ ΤΕΩΣ ΠΡΩΘΥΠΟΥΡΓΟΝ ΣΟΥΓΚ ΔΙΑ ΝΑ ΜΗ ΜΕΤΑΣΧΗ ΤΩΝ ΕΚΛΟΓΩΝ ΕΙΣ ΝΟΤ. ΚΟΡΕΑΝ

ΣΕΟΥΛ, 6.— Ὁ στρατηγὸς Πάρκ διέταξε τὴν σύλληψιν τοῦ τέως πρωθυπουργοῦ.

Ἡ σύλληψις ἀποσκοπεῖ εἰς τὴν ἀποτροπὴν συμμετοχῆς.

Ἡ ἀντιπολίτευσις διαμαρτύρεται.

Αἱ ἐκλογαὶ ὁρίσθησαν προσεχῶς.

Ἡ κατάστασις εἶναι τεταμένη.

Διεθνεῖς παρατηρηταὶ ἐκφράζουν ἀνησυχίαν.

ΙΤΑΛΙΚΗ ΤΑΙΝΙΑ ΚΑΙ ΔΥΟ ΑΓΓΛΟΙ ΗΘΟΠΟΙΟΙ ΕΒΡΑΒΕΥΘΗΣΑΝ ΕΙΣ ΤΟ ΦΕΣΤΙΒΑΛ ΒΕΝΕΤΙΑΣ
Η ΤΕΦΡΑ ΤΟΥ ΜΠΑΡΤΣΕΣ ΜΕΤΕΦΕΡΘΗ ΕΙΣ ΛΟΝΔΙΝΟΝ

ΛΟΝΔΙΝΟΝ, 6.— Ἡ τέφρα μετεφέρθη μὲ τὴν δέουσαν τιμήν.

Ἐγένετο τελετή.

ΒΕΝΕΤΙΑ, 6.— Ἀπενεμήθησαν τὰ βραβεῖα τοῦ φεστιβάλ.

Ἡ ἰταλικὴ ταινία ἐβραβεύθη.

Δύο Ἄγγλοι ἠθοποιοὶ ἔλαβον διακρίσεις.

Ἡ τελετὴ ἦτο λαμπρά.
